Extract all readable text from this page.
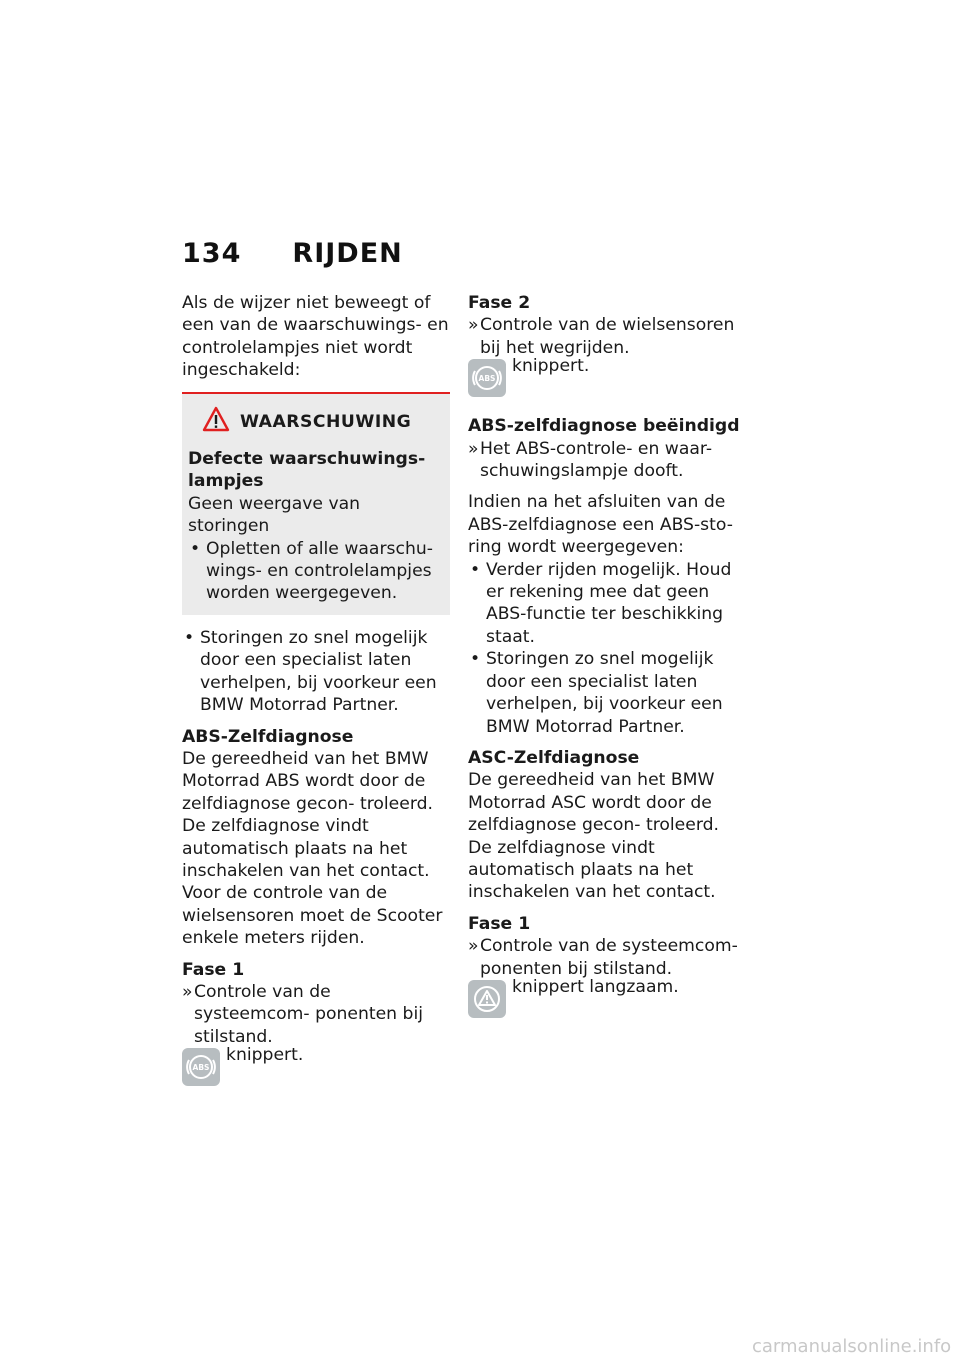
134 RIJDEN

Als de wijzer niet beweegt of een van de waarschuwings- en controlelampjes niet wordt ingeschakeld:

WAARSCHUWING

Defecte waarschuwings- lampjes

Geen weergave van storingen

• Opletten of alle waarschu- wings- en controlelampjes worden weergegeven.

• Storingen zo snel mogelijk door een specialist laten verhelpen, bij voorkeur een BMW Motorrad Partner.

ABS-Zelfdiagnose

De gereedheid van het BMW Motorrad ABS wordt door de zelfdiagnose gecon- troleerd. De zelfdiagnose vindt automatisch plaats na het inschakelen van het contact. Voor de controle van de wielsensoren moet de Scooter enkele meters rijden.

Fase 1

» Controle van de systeemcom- ponenten bij stilstand.
ABS
knippert.

Fase 2

» Controle van de wielsensoren bij het wegrijden.
ABS
knippert.

ABS-zelfdiagnose beëindigd

» Het ABS-controle- en waar- schuwingslampje dooft.

Indien na het afsluiten van de ABS-zelfdiagnose een ABS-sto- ring wordt weergegeven:

• Verder rijden mogelijk. Houd er rekening mee dat geen ABS-functie ter beschikking staat.

• Storingen zo snel mogelijk door een specialist laten verhelpen, bij voorkeur een BMW Motorrad Partner.

ASC-Zelfdiagnose

De gereedheid van het BMW Motorrad ASC wordt door de zelfdiagnose gecon- troleerd. De zelfdiagnose vindt automatisch plaats na het inschakelen van het contact.

Fase 1

» Controle van de systeemcom- ponenten bij stilstand.
knippert langzaam.
carmanualsonline.info
